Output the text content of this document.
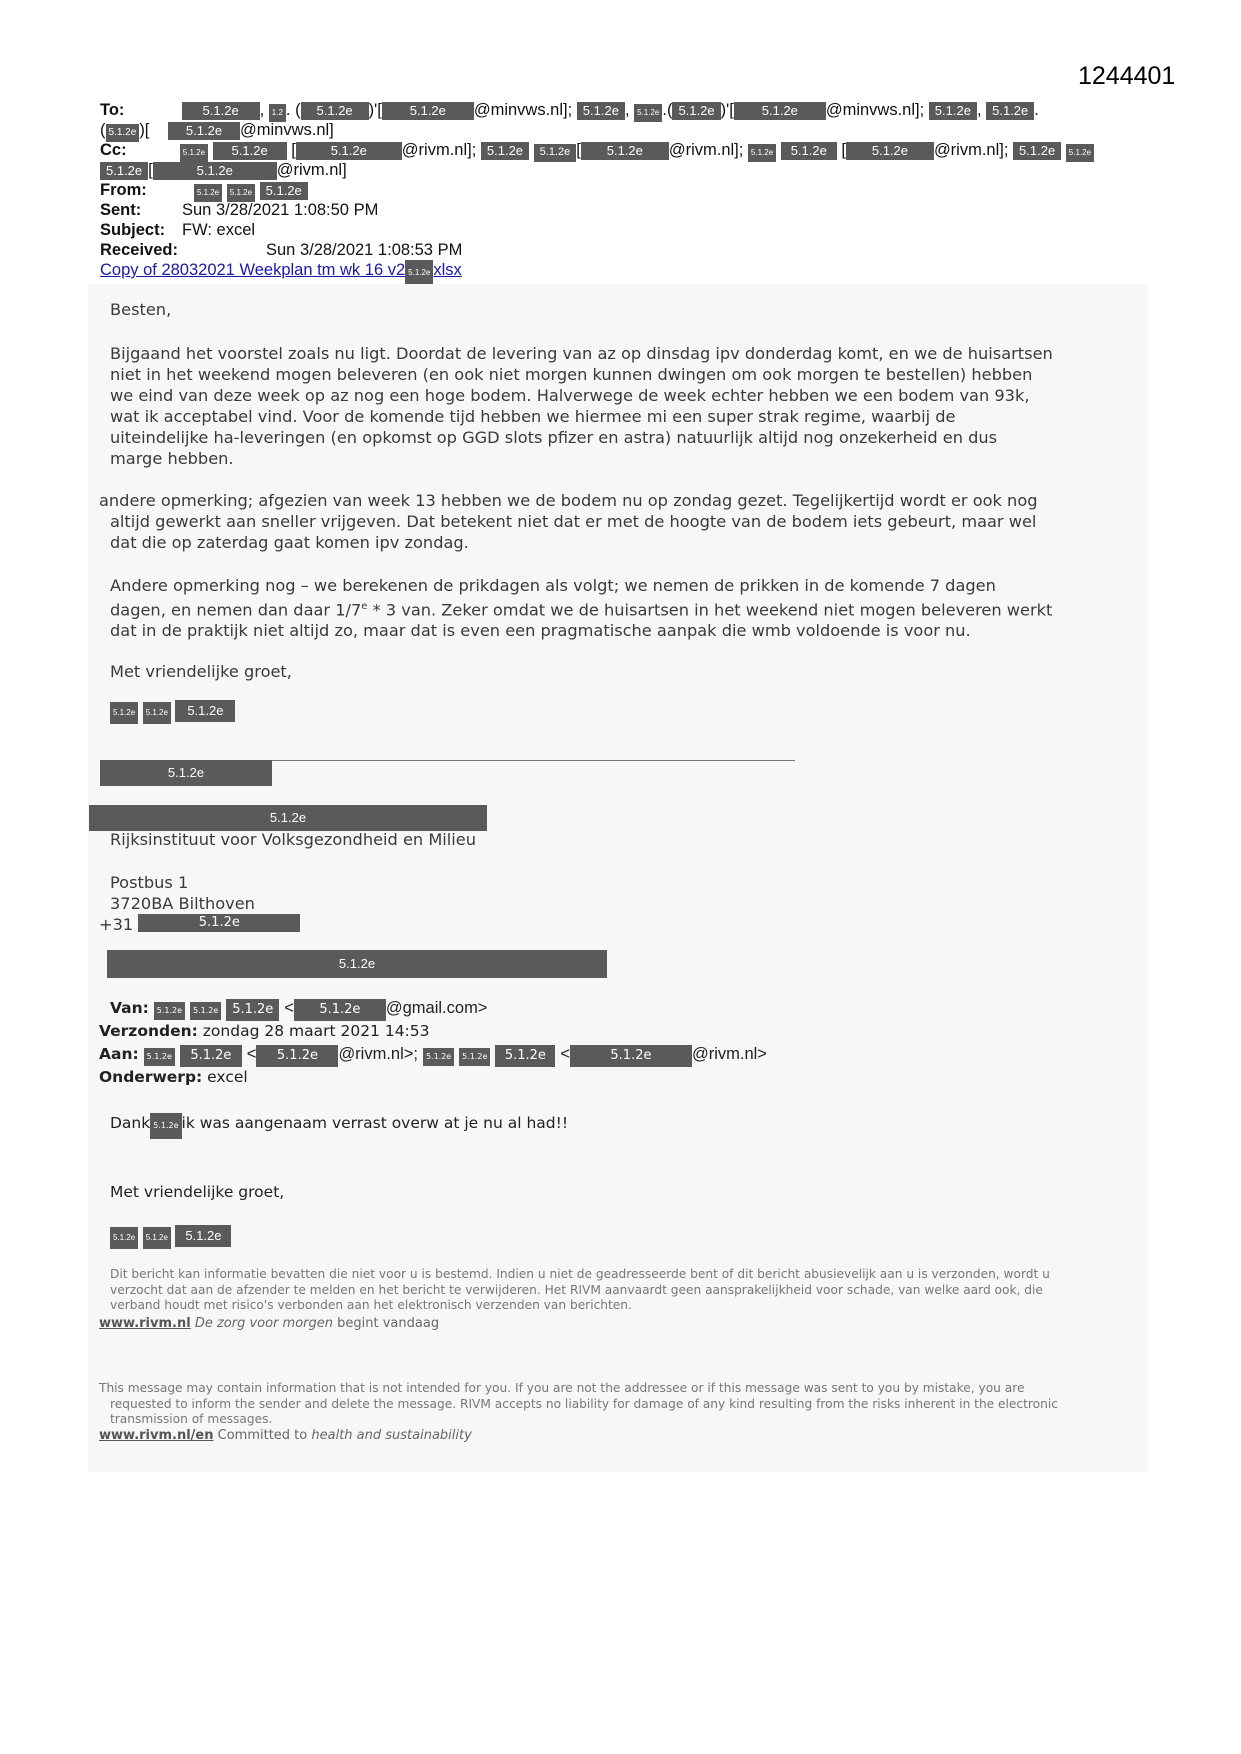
1244401
To:	5.1.2e , 1.2 . ( 5.1.2e )'[ 5.1.2e @minvws.nl]; 5.1.2e , 5.1.2e .( 5.1.2e )'[ 5.1.2e @minvws.nl]; 5.1.2e , 5.1.2e .
( 5.1.2e )[ 5.1.2e @minvws.nl]
Cc:	5.1.2e 5.1.2e [	5.1.2e @rivm.nl]; 5.1.2e 5.1.2e [ 5.1.2e @rivm.nl]; 5.1.2e 5.1.2e [ 5.1.2e @rivm.nl]; 5.1.2e 5.1.2e
5.1.2e [	5.1.2e	@rivm.nl]
From:	5.1.2e 5.1.2e 5.1.2e
Sent: Sun 3/28/2021 1:08:50 PM
Subject: FW: excel
Received:	Sun 3/28/2021 1:08:53 PM
Copy of 28032021 Weekplan tm wk 16 v2 5.1.2e xlsx
Besten,
Bijgaand het voorstel zoals nu ligt. Doordat de levering van az op dinsdag ipv donderdag komt, en we de huisartsen
niet in het weekend mogen beleveren (en ook niet morgen kunnen dwingen om ook morgen te bestellen) hebben
we eind van deze week op az nog een hoge bodem. Halverwege de week echter hebben we een bodem van 93k,
wat ik acceptabel vind. Voor de komende tijd hebben we hiermee mi een super strak regime, waarbij de
uiteindelijke ha-leveringen (en opkomst op GGD slots pfizer en astra) natuurlijk altijd nog onzekerheid en dus
marge hebben.
andere opmerking; afgezien van week 13 hebben we de bodem nu op zondag gezet. Tegelijkertijd wordt er ook nog
altijd gewerkt aan sneller vrijgeven. Dat betekent niet dat er met de hoogte van de bodem iets gebeurt, maar wel
dat die op zaterdag gaat komen ipv zondag.
Andere opmerking nog – we berekenen de prikdagen als volgt; we nemen de prikken in de komende 7 dagen
dagen, en nemen dan daar 1/7e * 3 van. Zeker omdat we de huisartsen in het weekend niet mogen beleveren werkt
dat in de praktijk niet altijd zo, maar dat is even een pragmatische aanpak die wmb voldoende is voor nu.
Met vriendelijke groet,
5.1.2e 5.1.2e 5.1.2e
5.1.2e
5.1.2e
Rijksinstituut voor Volksgezondheid en Milieu
Postbus 1
3720BA Bilthoven
+31	5.1.2e
5.1.2e
Van: 5.1.2e 5.1.2e 5.1.2e < 5.1.2e @gmail.com>
Verzonden: zondag 28 maart 2021 14:53
Aan: 5.1.2e 5.1.2e < 5.1.2e @rivm.nl>; 5.1.2e 5.1.2e 5.1.2e <	5.1.2e @rivm.nl>
Onderwerp: excel
Dank 5.1.2e ik was aangenaam verrast overw at je nu al had!!
Met vriendelijke groet,
5.1.2e 5.1.2e 5.1.2e
Dit bericht kan informatie bevatten die niet voor u is bestemd. Indien u niet de geadresseerde bent of dit bericht abusievelijk aan u is verzonden, wordt u
verzocht dat aan de afzender te melden en het bericht te verwijderen. Het RIVM aanvaardt geen aansprakelijkheid voor schade, van welke aard ook, die
verband houdt met risico's verbonden aan het elektronisch verzenden van berichten.
www.rivm.nl De zorg voor morgen begint vandaag
This message may contain information that is not intended for you. If you are not the addressee or if this message was sent to you by mistake, you are
requested to inform the sender and delete the message. RIVM accepts no liability for damage of any kind resulting from the risks inherent in the electronic
transmission of messages.
www.rivm.nl/en Committed to health and sustainability
